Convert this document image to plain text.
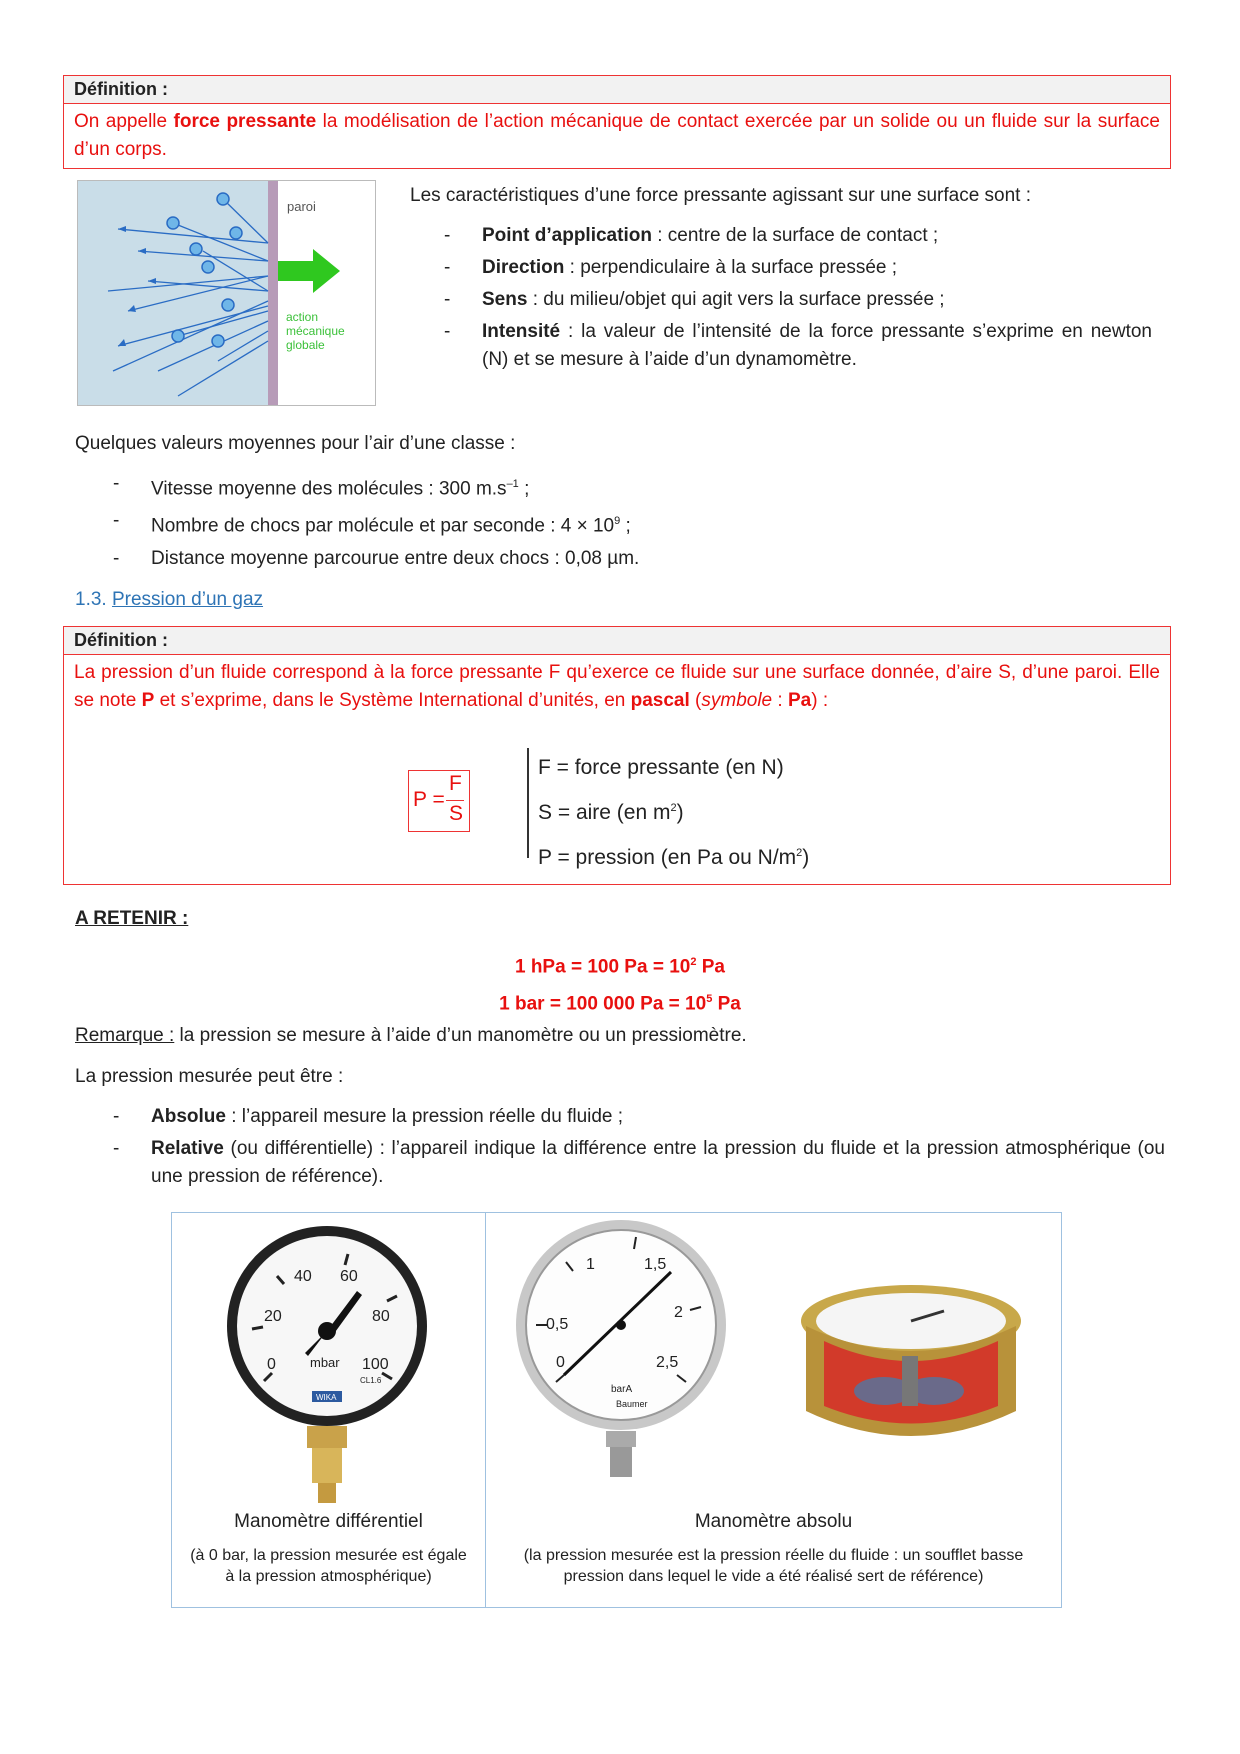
Définition :
On appelle force pressante la modélisation de l’action mécanique de contact exercée par un solide ou un fluide sur la surface d’un corps.
paroi
action
mécanique
globale
Les caractéristiques d’une force pressante agissant sur une surface sont :
- Point d’application : centre de la surface de contact ;
- Direction : perpendiculaire à la surface pressée ;
- Sens : du milieu/objet qui agit vers la surface pressée ;
- Intensité : la valeur de l’intensité de la force pressante s’exprime en newton (N) et se mesure à l’aide d’un dynamomètre.
Quelques valeurs moyennes pour l’air d’une classe :
- Vitesse moyenne des molécules : 300 $m.s^{-1}$ ;
- Nombre de chocs par molécule et par seconde : $4 \times 10^9$ ;
- Distance moyenne parcourue entre deux chocs : 0,08 µm.
1.3. Pression d’un gaz
Définition :
La pression d’un fluide correspond à la force pressante F qu’exerce ce fluide sur une surface donnée, d’aire S, d’une paroi. Elle se note P et s’exprime, dans le Système International d’unités, en pascal (symbole : Pa) :
P =
F
S
F = force pressante (en N)
S = aire (en $m^2$)
P = pression (en Pa ou $N/m^2$)
A RETENIR :
1 hPa = 100 $Pa = 10^2$ Pa
1 bar = 100 000 $Pa = 10^5$ Pa
Remarque : la pression se mesure à l’aide d’un manomètre ou un pressiomètre.
La pression mesurée peut être :
- Absolue : l’appareil mesure la pression réelle du fluide ;
- Relative (ou différentielle) : l’appareil indique la différence entre la pression du fluide et la pression atmosphérique (ou une pression de référence).
0
20
40 60
80
100
mbar
CL1.6
WIKA
Manomètre différentiel
(à 0 bar, la pression mesurée est égale
à la pression atmosphérique)
0
0,5
1	1,5
2
2,5
barA
Baumer
Manomètre absolu
(la pression mesurée est la pression réelle du fluide : un soufflet basse
pression dans lequel le vide a été réalisé sert de référence)
